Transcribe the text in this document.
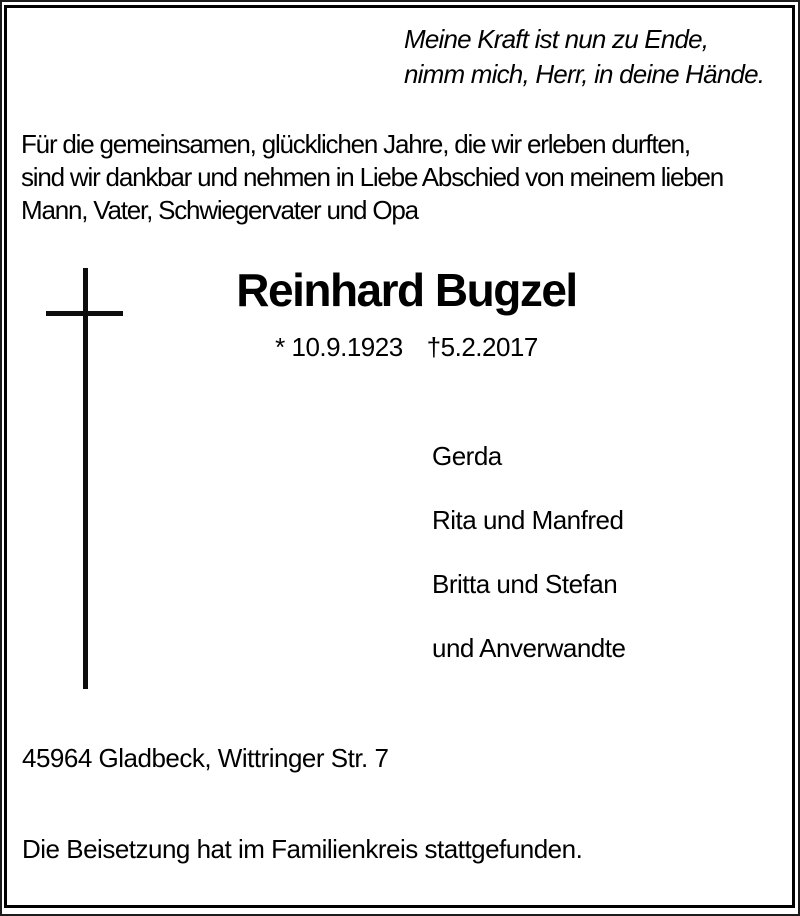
Meine Kraft ist nun zu Ende,
nimm mich, Herr, in deine Hände.
Für die gemeinsamen, glücklichen Jahre, die wir erleben durften,
sind wir dankbar und nehmen in Liebe Abschied von meinem lieben
Mann, Vater, Schwiegervater und Opa
Reinhard Bugzel
* 10.9.1923 †5.2.2017
Gerda
Rita und Manfred
Britta und Stefan
und Anverwandte
45964 Gladbeck, Wittringer Str. 7
Die Beisetzung hat im Familienkreis stattgefunden.
